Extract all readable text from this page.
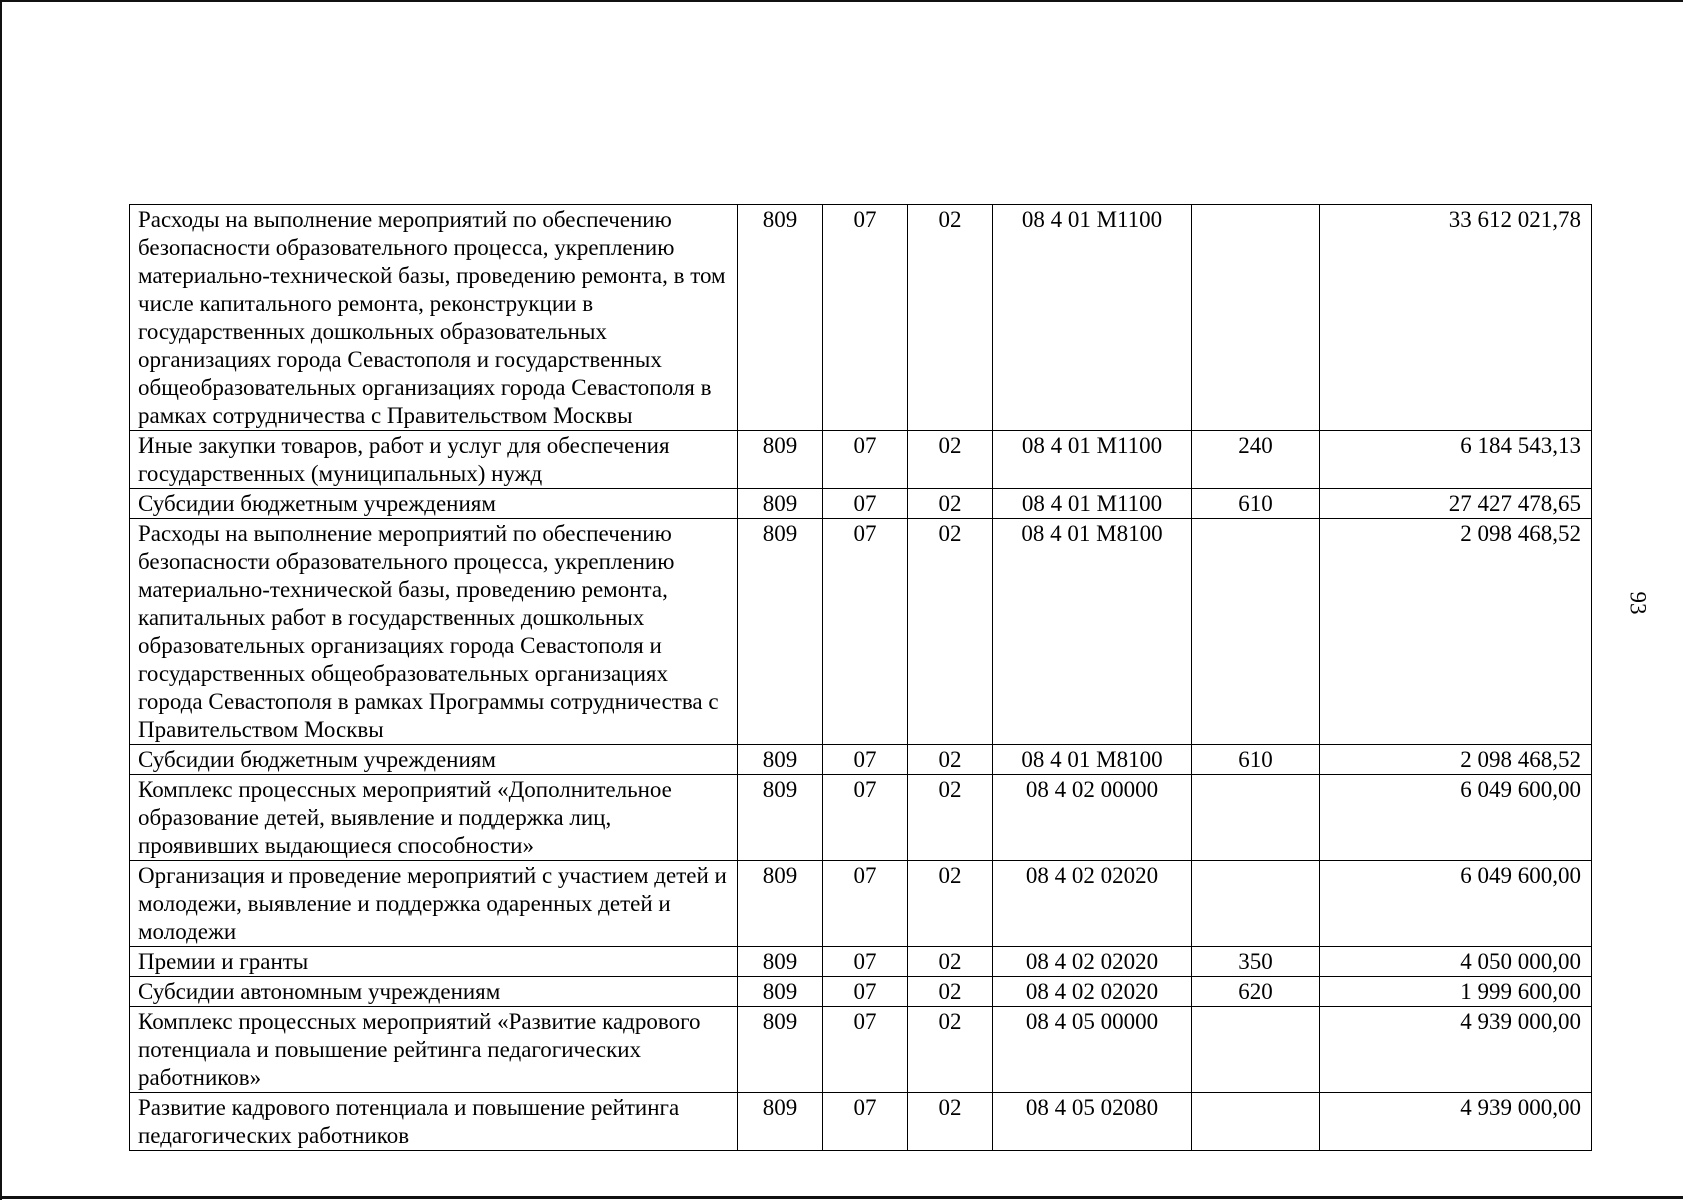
Расходы на выполнение мероприятий по обеспечению безопасности образовательного процесса, укреплению материально-технической базы, проведению ремонта, в том числе капитального ремонта, реконструкции в государственных дошкольных образовательных организациях города Севастополя и государственных общеобразовательных организациях города Севастополя в рамках сотрудничества с Правительством Москвы	809	07	02	08 4 01 M1100		33 612 021,78
Иные закупки товаров, работ и услуг для обеспечения государственных (муниципальных) нужд	809	07	02	08 4 01 M1100	240	6 184 543,13
Субсидии бюджетным учреждениям	809	07	02	08 4 01 M1100	610	27 427 478,65
Расходы на выполнение мероприятий по обеспечению безопасности образовательного процесса, укреплению материально-технической базы, проведению ремонта, капитальных работ в государственных дошкольных образовательных организациях города Севастополя и государственных общеобразовательных организациях города Севастополя в рамках Программы сотрудничества с Правительством Москвы	809	07	02	08 4 01 M8100		2 098 468,52
Субсидии бюджетным учреждениям	809	07	02	08 4 01 M8100	610	2 098 468,52
Комплекс процессных мероприятий «Дополнительное образование детей, выявление и поддержка лиц, проявивших выдающиеся способности»	809	07	02	08 4 02 00000		6 049 600,00
Организация и проведение мероприятий с участием детей и молодежи, выявление и поддержка одаренных детей и молодежи	809	07	02	08 4 02 02020		6 049 600,00
Премии и гранты	809	07	02	08 4 02 02020	350	4 050 000,00
Субсидии автономным учреждениям	809	07	02	08 4 02 02020	620	1 999 600,00
Комплекс процессных мероприятий «Развитие кадрового потенциала и повышение рейтинга педагогических работников»	809	07	02	08 4 05 00000		4 939 000,00
Развитие кадрового потенциала и повышение рейтинга педагогических работников	809	07	02	08 4 05 02080		4 939 000,00
93
